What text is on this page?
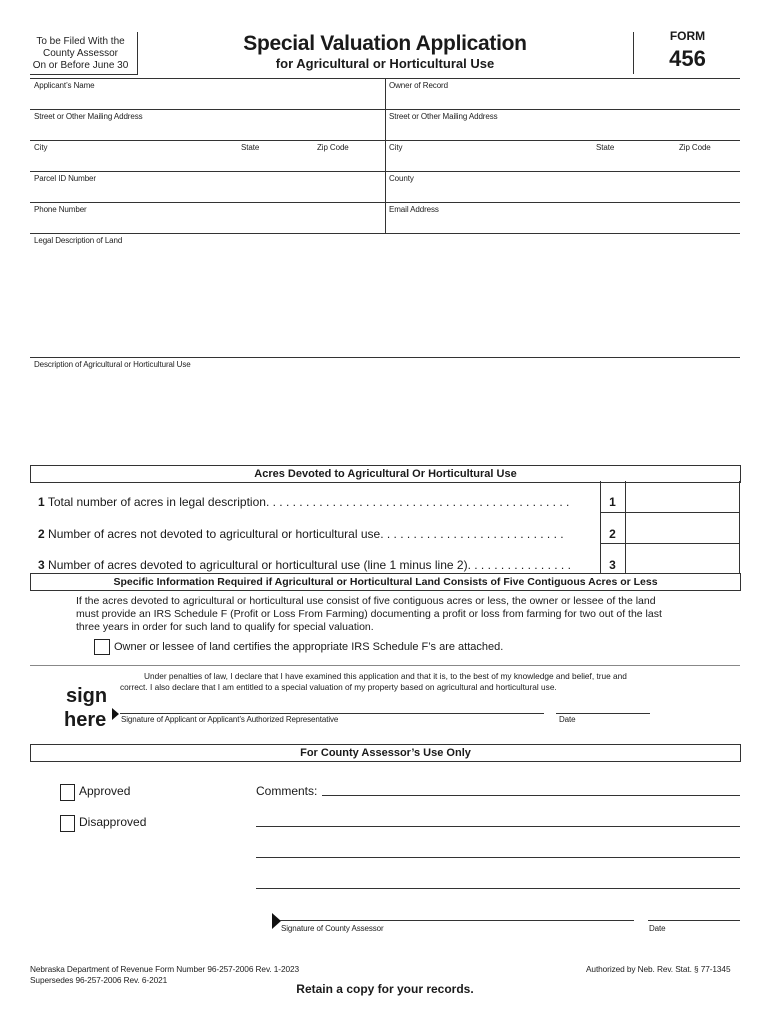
To be Filed With the
County Assessor
On or Before June 30
Special Valuation Application
for Agricultural or Horticultural Use
FORM
456
Applicant’s Name	Owner of Record
Street or Other Mailing Address	Street or Other Mailing Address
City	State	Zip Code	City	State	Zip Code
Parcel ID Number	County
Phone Number	Email Address
Legal Description of Land
Description of Agricultural or Horticultural Use
Acres Devoted to Agricultural Or Horticultural Use
1 Total number of acres in legal description. . . . . . . . . . . . . . . . . . . . . . . . . . . . . . . . . . . . . . . . . . . . . .
2 Number of acres not devoted to agricultural or horticultural use. . . . . . . . . . . . . . . . . . . . . . . . . . . .
3 Number of acres devoted to agricultural or horticultural use (line 1 minus line 2). . . . . . . . . . . . . . . .
1
2
3
Specific Information Required if Agricultural or Horticultural Land Consists of Five Contiguous Acres or Less
If the acres devoted to agricultural or horticultural use consist of five contiguous acres or less, the owner or lessee of the land
must provide an IRS Schedule F (Profit or Loss From Farming) documenting a profit or loss from farming for two out of the last
three years in order for such land to qualify for special valuation.
Owner or lessee of land certifies the appropriate IRS Schedule F’s are attached.
Under penalties of law, I declare that I have examined this application and that it is, to the best of my knowledge and belief, true and
correct. I also declare that I am entitled to a special valuation of my property based on agricultural and horticultural use.
sign
here Signature of Applicant or Applicant’s Authorized Representative	Date
For County Assessor’s Use Only
Approved
Disapproved
Comments:
Signature of County Assessor	Date
Nebraska Department of Revenue Form Number 96-257-2006 Rev. 1-2023
Supersedes 96-257-2006 Rev. 6-2021
Authorized by Neb. Rev. Stat. § 77-1345
Retain a copy for your records.
